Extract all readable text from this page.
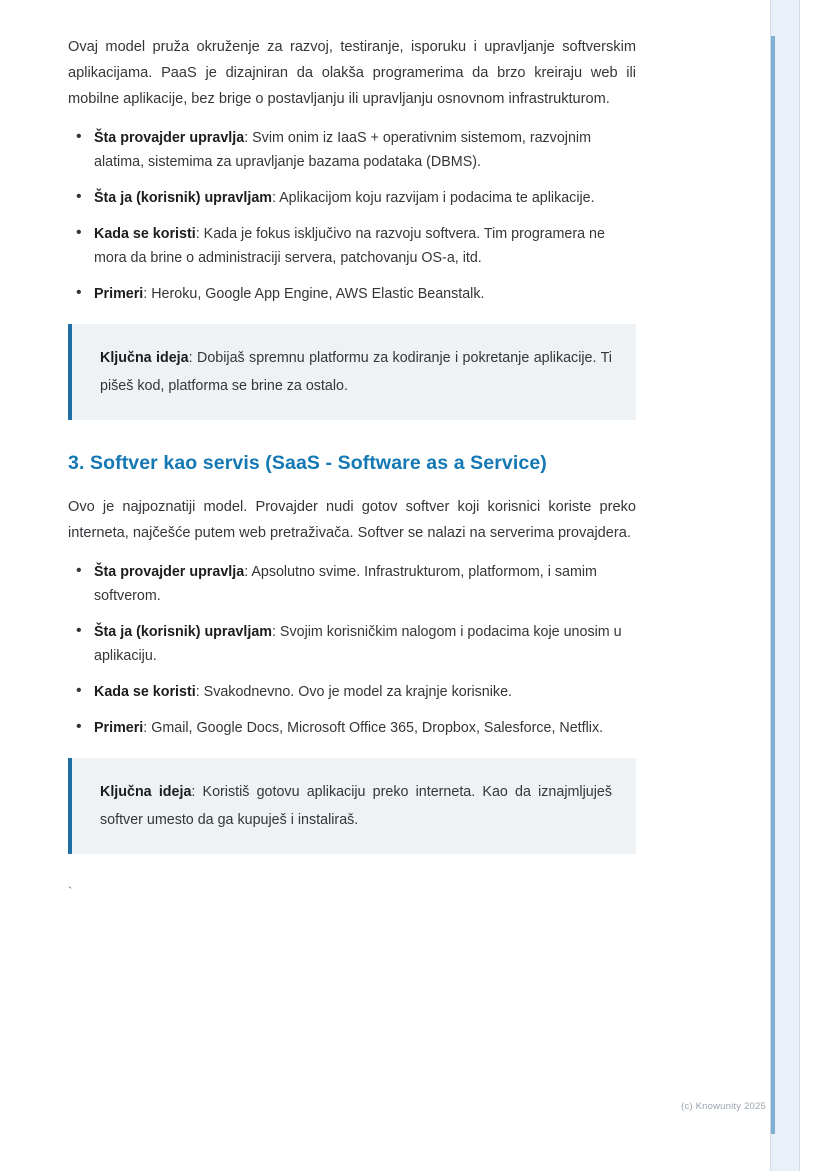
Ovaj model pruža okruženje za razvoj, testiranje, isporuku i upravljanje softverskim aplikacijama. PaaS je dizajniran da olakša programerima da brzo kreiraju web ili mobilne aplikacije, bez brige o postavljanju ili upravljanju osnovnom infrastrukturom.

• Šta provajder upravlja: Svim onim iz IaaS + operativnim sistemom, razvojnim alatima, sistemima za upravljanje bazama podataka (DBMS).
• Šta ja (korisnik) upravljam: Aplikacijom koju razvijam i podacima te aplikacije.
• Kada se koristi: Kada je fokus isključivo na razvoju softvera. Tim programera ne mora da brine o administraciji servera, patchovanju OS-a, itd.
• Primeri: Heroku, Google App Engine, AWS Elastic Beanstalk.

Ključna ideja: Dobijaš spremnu platformu za kodiranje i pokretanje aplikacije. Ti pišeš kod, platforma se brine za ostalo.

3. Softver kao servis (SaaS - Software as a Service)

Ovo je najpoznatiji model. Provajder nudi gotov softver koji korisnici koriste preko interneta, najčešće putem web pretraživača. Softver se nalazi na serverima provajdera.

• Šta provajder upravlja: Apsolutno svime. Infrastrukturom, platformom, i samim softverom.
• Šta ja (korisnik) upravljam: Svojim korisničkim nalogom i podacima koje unosim u aplikaciju.
• Kada se koristi: Svakodnevno. Ovo je model za krajnje korisnike.
• Primeri: Gmail, Google Docs, Microsoft Office 365, Dropbox, Salesforce, Netflix.

Ključna ideja: Koristiš gotovu aplikaciju preko interneta. Kao da iznajmljuješ softver umesto da ga kupuješ i instaliraš.

`
(c) Knowunity 2025
